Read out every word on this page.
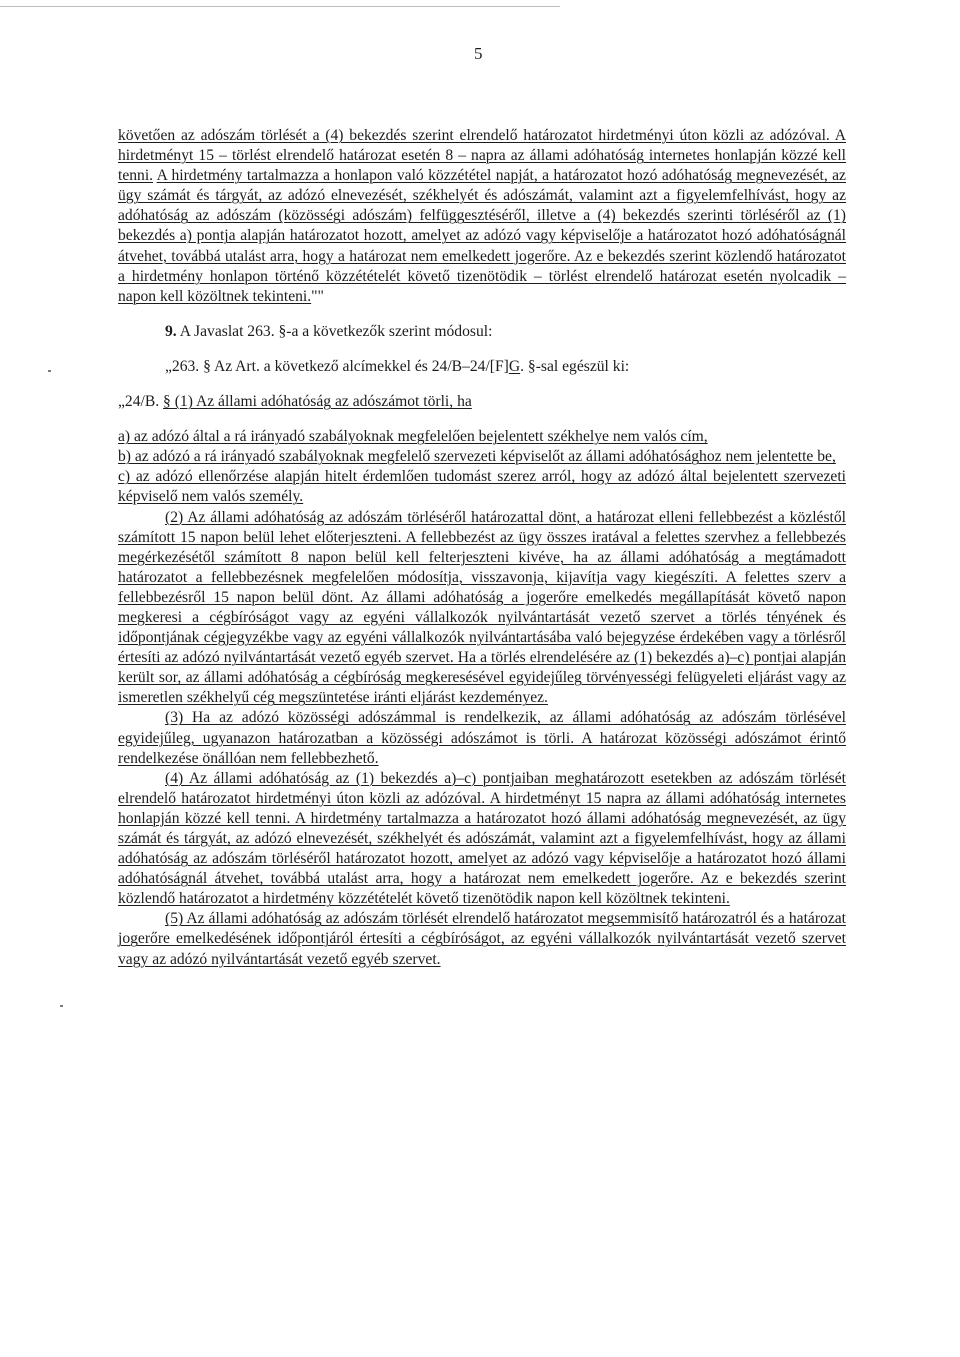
5

követően az adószám törlését a (4) bekezdés szerint elrendelő határozatot hirdetményi úton közli az adózóval. A hirdetményt 15 – törlést elrendelő határozat esetén 8 – napra az állami adóhatóság internetes honlapján közzé kell tenni. A hirdetmény tartalmazza a honlapon való közzététel napját, a határozatot hozó adóhatóság megnevezését, az ügy számát és tárgyát, az adózó elnevezését, székhelyét és adószámát, valamint azt a figyelemfelhívást, hogy az adóhatóság az adószám (közösségi adószám) felfüggesztéséről, illetve a (4) bekezdés szerinti törléséről az (1) bekezdés a) pontja alapján határozatot hozott, amelyet az adózó vagy képviselője a határozatot hozó adóhatóságnál átvehet, továbbá utalást arra, hogy a határozat nem emelkedett jogerőre. Az e bekezdés szerint közlendő határozatot a hirdetmény honlapon történő közzétételét követő tizenötödik – törlést elrendelő határozat esetén nyolcadik – napon kell közöltnek tekinteni.""

9. A Javaslat 263. §-a a következők szerint módosul:

„263. § Az Art. a következő alcímekkel és 24/B–24/[F]G. §-sal egészül ki:

„24/B. § (1) Az állami adóhatóság az adószámot törli, ha

a) az adózó által a rá irányadó szabályoknak megfelelően bejelentett székhelye nem valós cím,

b) az adózó a rá irányadó szabályoknak megfelelő szervezeti képviselőt az állami adóhatósághoz nem jelentette be,

c) az adózó ellenőrzése alapján hitelt érdemlően tudomást szerez arról, hogy az adózó által bejelentett szervezeti képviselő nem valós személy.

(2) Az állami adóhatóság az adószám törléséről határozattal dönt, a határozat elleni fellebbezést a közléstől számított 15 napon belül lehet előterjeszteni. A fellebbezést az ügy összes iratával a felettes szervhez a fellebbezés megérkezésétől számított 8 napon belül kell felterjeszteni kivéve, ha az állami adóhatóság a megtámadott határozatot a fellebbezésnek megfelelően módosítja, visszavonja, kijavítja vagy kiegészíti. A felettes szerv a fellebbezésről 15 napon belül dönt. Az állami adóhatóság a jogerőre emelkedés megállapítását követő napon megkeresi a cégbíróságot vagy az egyéni vállalkozók nyilvántartását vezető szervet a törlés tényének és időpontjának cégjegyzékbe vagy az egyéni vállalkozók nyilvántartásába való bejegyzése érdekében vagy a törlésről értesíti az adózó nyilvántartását vezető egyéb szervet. Ha a törlés elrendelésére az (1) bekezdés a)–c) pontjai alapján került sor, az állami adóhatóság a cégbíróság megkeresésével egyidejűleg törvényességi felügyeleti eljárást vagy az ismeretlen székhelyű cég megszüntetése iránti eljárást kezdeményez.

(3) Ha az adózó közösségi adószámmal is rendelkezik, az állami adóhatóság az adószám törlésével egyidejűleg, ugyanazon határozatban a közösségi adószámot is törli. A határozat közösségi adószámot érintő rendelkezése önállóan nem fellebbezhető.

(4) Az állami adóhatóság az (1) bekezdés a)–c) pontjaiban meghatározott esetekben az adószám törlését elrendelő határozatot hirdetményi úton közli az adózóval. A hirdetményt 15 napra az állami adóhatóság internetes honlapján közzé kell tenni. A hirdetmény tartalmazza a határozatot hozó állami adóhatóság megnevezését, az ügy számát és tárgyát, az adózó elnevezését, székhelyét és adószámát, valamint azt a figyelemfelhívást, hogy az állami adóhatóság az adószám törléséről határozatot hozott, amelyet az adózó vagy képviselője a határozatot hozó állami adóhatóságnál átvehet, továbbá utalást arra, hogy a határozat nem emelkedett jogerőre. Az e bekezdés szerint közlendő határozatot a hirdetmény közzétételét követő tizenötödik napon kell közöltnek tekinteni.

(5) Az állami adóhatóság az adószám törlését elrendelő határozatot megsemmisítő határozatról és a határozat jogerőre emelkedésének időpontjáról értesíti a cégbíróságot, az egyéni vállalkozók nyilvántartását vezető szervet vagy az adózó nyilvántartását vezető egyéb szervet.
